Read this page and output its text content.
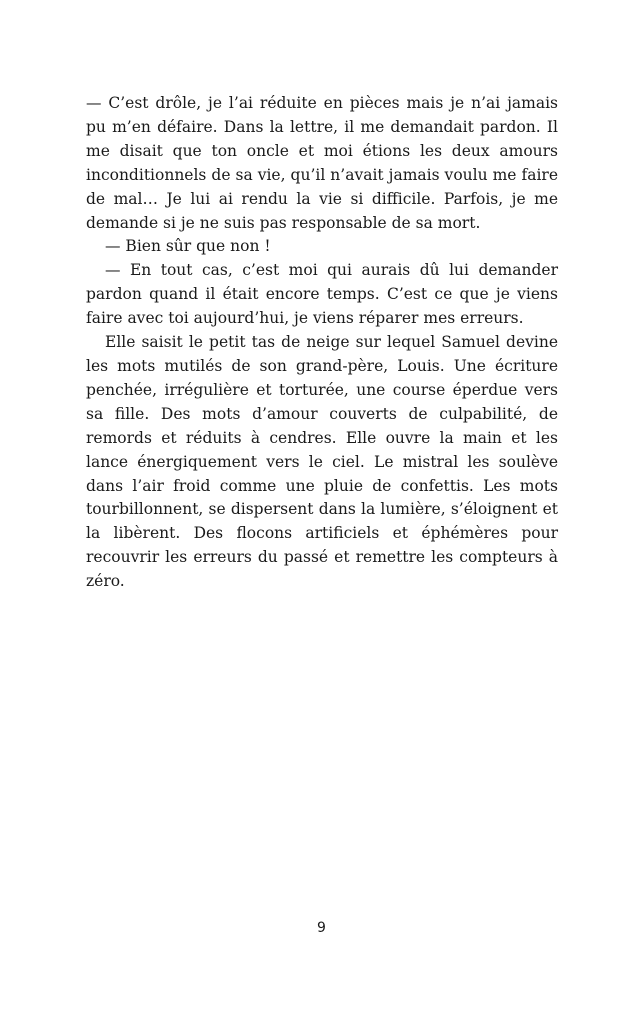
— C’est drôle, je l’ai réduite en pièces mais je n’ai jamais pu m’en défaire. Dans la lettre, il me demandait pardon. Il me disait que ton oncle et moi étions les deux amours inconditionnels de sa vie, qu’il n’avait jamais voulu me faire de mal… Je lui ai rendu la vie si difficile. Parfois, je me demande si je ne suis pas responsable de sa mort.

— Bien sûr que non !

— En tout cas, c’est moi qui aurais dû lui demander pardon quand il était encore temps. C’est ce que je viens faire avec toi aujourd’hui, je viens réparer mes erreurs.

Elle saisit le petit tas de neige sur lequel Samuel devine les mots mutilés de son grand-père, Louis. Une écriture penchée, irrégulière et torturée, une course éperdue vers sa fille. Des mots d’amour couverts de culpabilité, de remords et réduits à cendres. Elle ouvre la main et les lance énergiquement vers le ciel. Le mistral les soulève dans l’air froid comme une pluie de confettis. Les mots tourbillonnent, se dispersent dans la lumière, s’éloignent et la libèrent. Des flocons artificiels et éphémères pour recouvrir les erreurs du passé et remettre les compteurs à zéro.

9
